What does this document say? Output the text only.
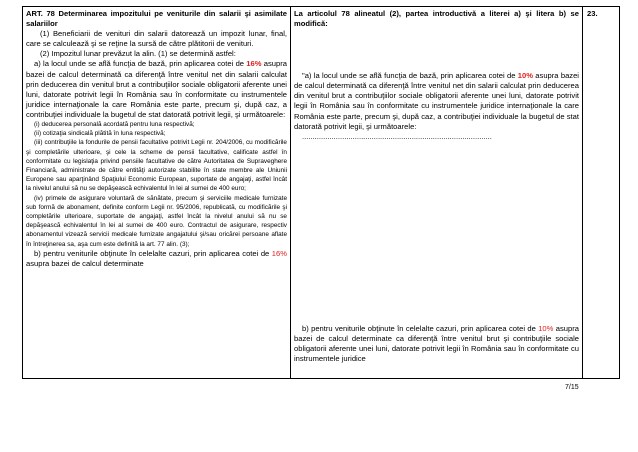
ART. 78 Determinarea impozitului pe veniturile din salarii şi asimilate salariilor

(1) Beneficiarii de venituri din salarii datorează un impozit lunar, final, care se calculează şi se reţine la sursă de către plătitorii de venituri.

(2) Impozitul lunar prevăzut la alin. (1) se determină astfel:

a) la locul unde se află funcţia de bază, prin aplicarea cotei de 16% asupra bazei de calcul determinată ca diferenţă între venitul net din salarii calculat prin deducerea din venitul brut a contribuţiilor sociale obligatorii aferente unei luni, datorate potrivit legii în România sau în conformitate cu instrumentele juridice internaţionale la care România este parte, precum şi, după caz, a contribuţiei individuale la bugetul de stat datorată potrivit legii, şi următoarele:

(i) deducerea personală acordată pentru luna respectivă;

(ii) cotizaţia sindicală plătită în luna respectivă;

(iii) contribuţiile la fondurile de pensii facultative potrivit Legii nr. 204/2006, cu modificările şi completările ulterioare, şi cele la scheme de pensii facultative, calificate astfel în conformitate cu legislaţia privind pensiile facultative de către Autoritatea de Supraveghere Financiară, administrate de către entităţi autorizate stabilite în state membre ale Uniunii Europene sau aparţinând Spaţiului Economic European, suportate de angajaţi, astfel încât la nivelul anului să nu se depăşească echivalentul în lei al sumei de 400 euro;

(iv) primele de asigurare voluntară de sănătate, precum şi serviciile medicale furnizate sub formă de abonament, definite conform Legii nr. 95/2006, republicată, cu modificările şi completările ulterioare, suportate de angajaţi, astfel încât la nivelul anului să nu se depăşească echivalentul în lei al sumei de 400 euro. Contractul de asigurare, respectiv abonamentul vizează servicii medicale furnizate angajatului şi/sau oricărei persoane aflate în întreţinerea sa, aşa cum este definită la art. 77 alin. (3);

b) pentru veniturile obţinute în celelalte cazuri, prin aplicarea cotei de 16% asupra bazei de calcul determinate

La articolul 78 alineatul (2), partea introductivă a literei a) şi litera b) se modifică:

"a) la locul unde se află funcţia de bază, prin aplicarea cotei de 10% asupra bazei de calcul determinată ca diferenţă între venitul net din salarii calculat prin deducerea din venitul brut a contribuţiilor sociale obligatorii aferente unei luni, datorate potrivit legii în România sau în conformitate cu instrumentele juridice internaţionale la care România este parte, precum şi, după caz, a contribuţiei individuale la bugetul de stat datorată potrivit legii, şi următoarele:

..........................................................................................

b) pentru veniturile obţinute în celelalte cazuri, prin aplicarea cotei de 10% asupra bazei de calcul determinate ca diferenţă între venitul brut şi contribuţiile sociale obligatorii aferente unei luni, datorate potrivit legii în România sau în conformitate cu instrumentele juridice

23.

7/15
